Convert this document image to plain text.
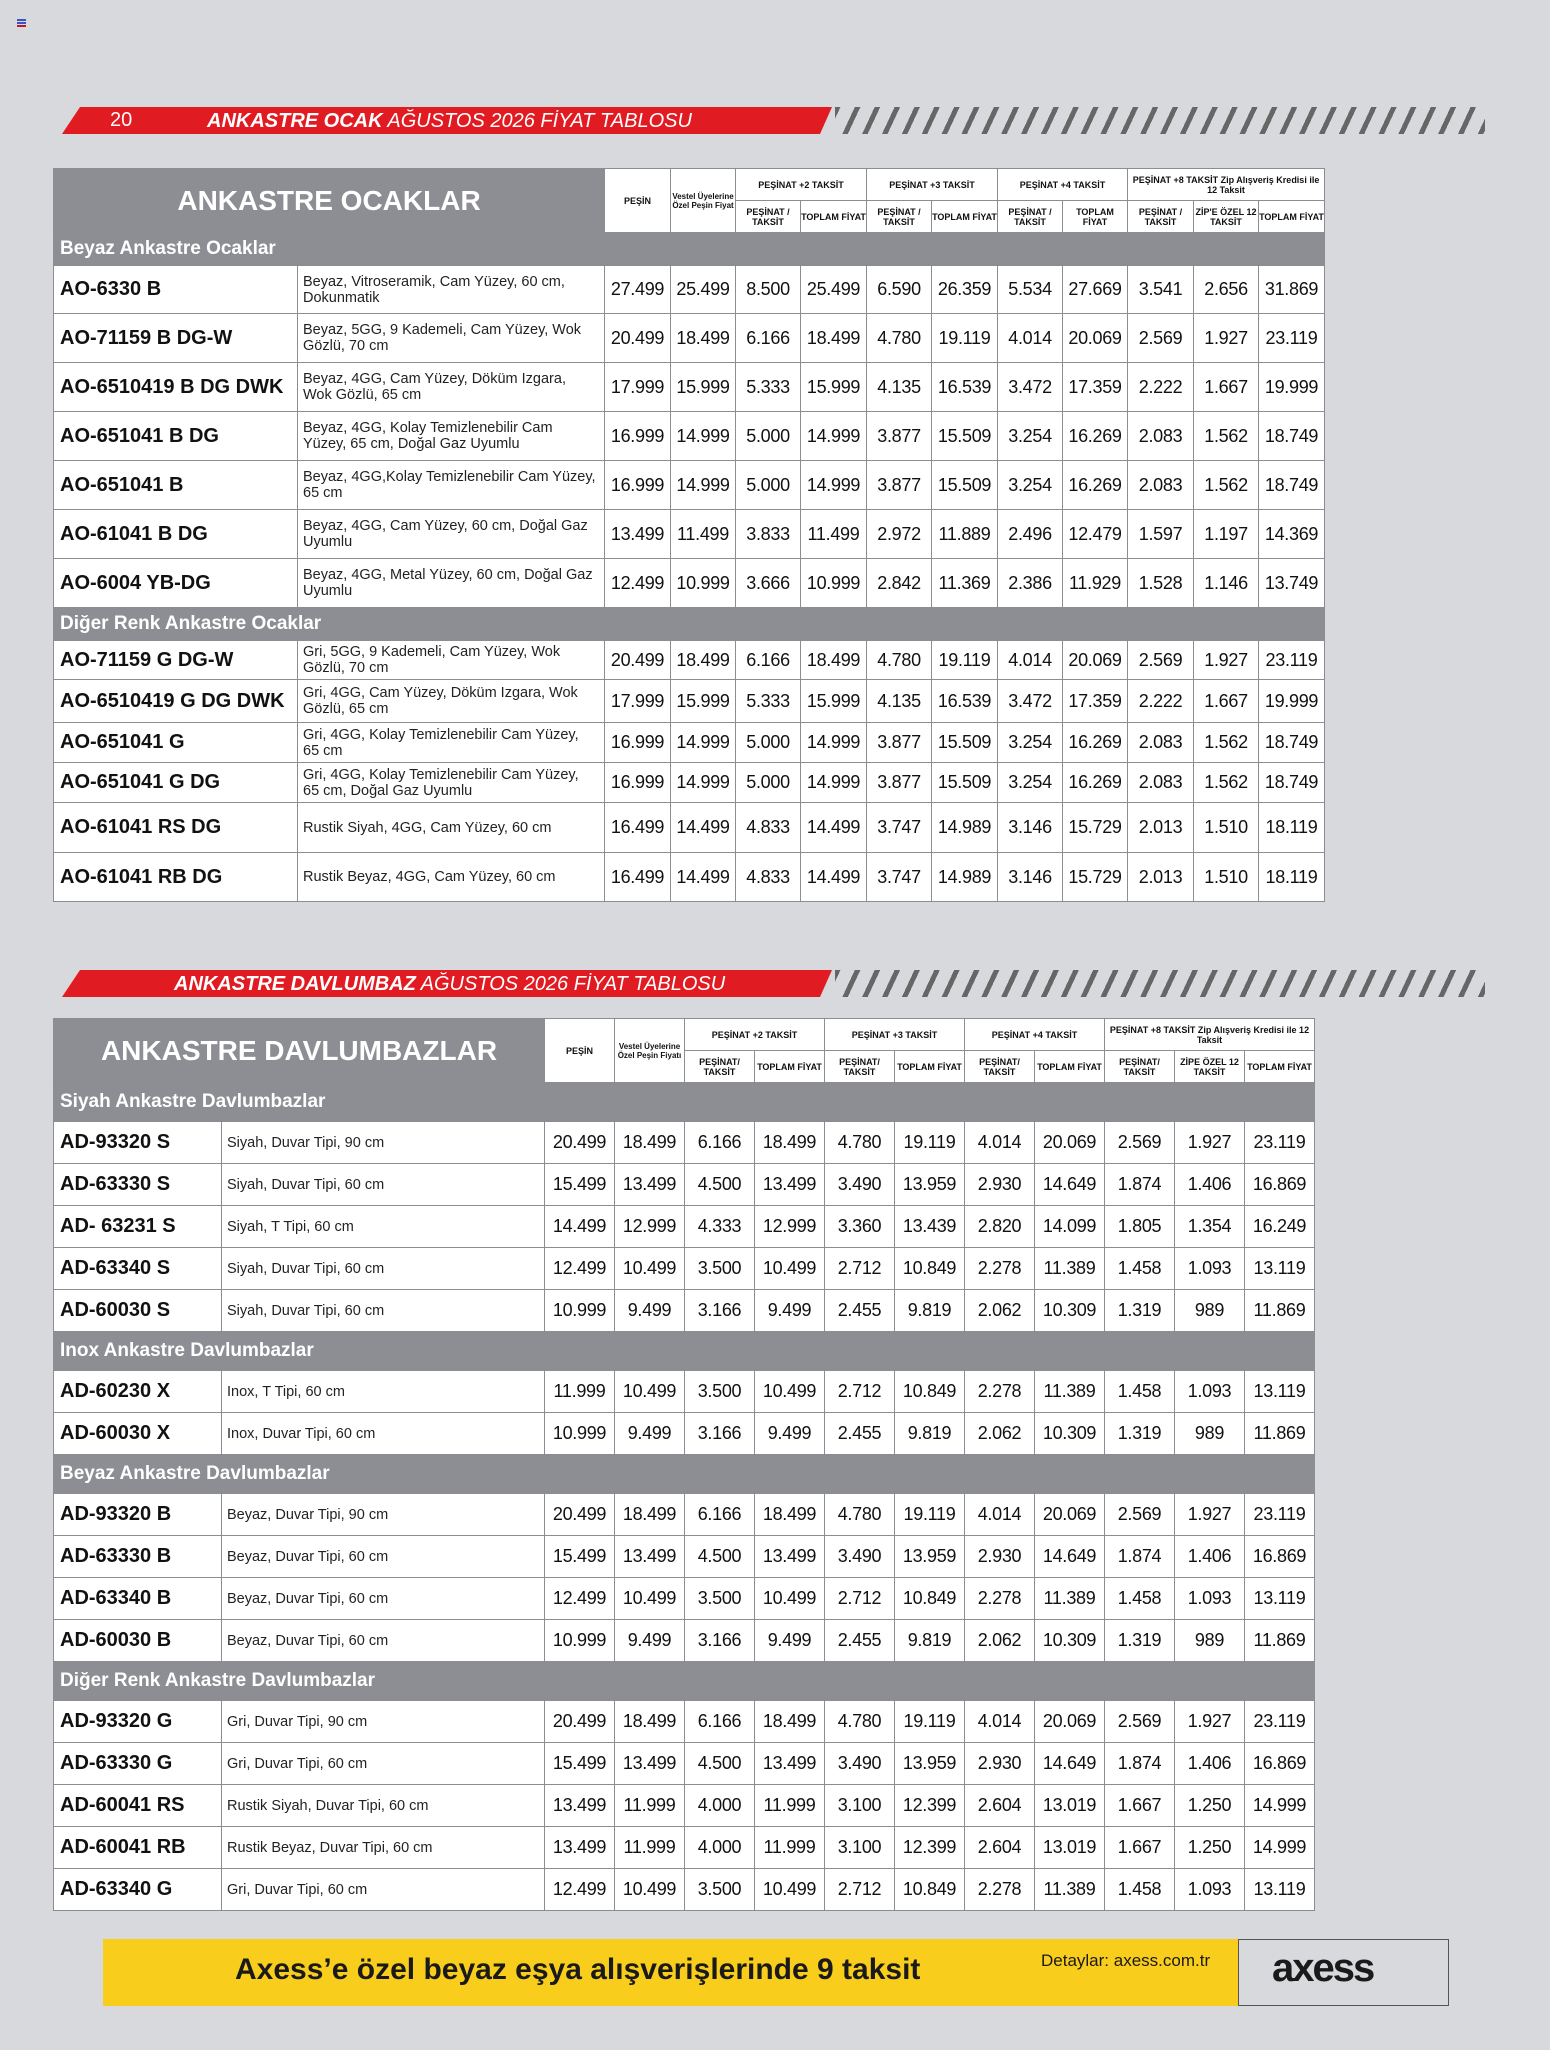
20	ANKASTRE OCAK AĞUSTOS 2026 FİYAT TABLOSU
ANKASTRE OCAKLAR		PEŞİN	Vestel Üyelerine Özel Peşin Fiyat	PEŞİNAT +2 TAKSİT		PEŞİNAT +3 TAKSİT		PEŞİNAT +4 TAKSİT		PEŞİNAT +8 TAKSİT Zip Alışveriş Kredisi ile 12 Taksit		
				PEŞİNAT / TAKSİT	TOPLAM FİYAT	PEŞİNAT / TAKSİT	TOPLAM FİYAT	PEŞİNAT / TAKSİT	TOPLAM FİYAT	PEŞİNAT / TAKSİT	ZİP'E ÖZEL 12 TAKSİT	TOPLAM FİYAT
Beyaz Ankastre Ocaklar												
AO-6330 B	Beyaz, Vitroseramik, Cam Yüzey, 60 cm, Dokunmatik	27.499	25.499	8.500	25.499	6.590	26.359	5.534	27.669	3.541	2.656	31.869
AO-71159 B DG-W	Beyaz, 5GG, 9 Kademeli, Cam Yüzey, Wok Gözlü, 70 cm	20.499	18.499	6.166	18.499	4.780	19.119	4.014	20.069	2.569	1.927	23.119
AO-6510419 B DG DWK	Beyaz, 4GG, Cam Yüzey, Döküm Izgara, Wok Gözlü, 65 cm	17.999	15.999	5.333	15.999	4.135	16.539	3.472	17.359	2.222	1.667	19.999
AO-651041 B DG	Beyaz, 4GG, Kolay Temizlenebilir Cam Yüzey, 65 cm, Doğal Gaz Uyumlu	16.999	14.999	5.000	14.999	3.877	15.509	3.254	16.269	2.083	1.562	18.749
AO-651041 B	Beyaz, 4GG,Kolay Temizlenebilir Cam Yüzey, 65 cm	16.999	14.999	5.000	14.999	3.877	15.509	3.254	16.269	2.083	1.562	18.749
AO-61041 B DG	Beyaz, 4GG, Cam Yüzey, 60 cm, Doğal Gaz Uyumlu	13.499	11.499	3.833	11.499	2.972	11.889	2.496	12.479	1.597	1.197	14.369
AO-6004 YB-DG	Beyaz, 4GG, Metal Yüzey, 60 cm, Doğal Gaz Uyumlu	12.499	10.999	3.666	10.999	2.842	11.369	2.386	11.929	1.528	1.146	13.749
Diğer Renk Ankastre Ocaklar												
AO-71159 G DG-W	Gri, 5GG, 9 Kademeli, Cam Yüzey, Wok Gözlü, 70 cm	20.499	18.499	6.166	18.499	4.780	19.119	4.014	20.069	2.569	1.927	23.119
AO-6510419 G DG DWK	Gri, 4GG, Cam Yüzey, Döküm Izgara, Wok Gözlü, 65 cm	17.999	15.999	5.333	15.999	4.135	16.539	3.472	17.359	2.222	1.667	19.999
AO-651041 G	Gri, 4GG, Kolay Temizlenebilir Cam Yüzey, 65 cm	16.999	14.999	5.000	14.999	3.877	15.509	3.254	16.269	2.083	1.562	18.749
AO-651041 G DG	Gri, 4GG, Kolay Temizlenebilir Cam Yüzey, 65 cm, Doğal Gaz Uyumlu	16.999	14.999	5.000	14.999	3.877	15.509	3.254	16.269	2.083	1.562	18.749
AO-61041 RS DG	Rustik Siyah, 4GG, Cam Yüzey, 60 cm	16.499	14.499	4.833	14.499	3.747	14.989	3.146	15.729	2.013	1.510	18.119
AO-61041 RB DG	Rustik Beyaz, 4GG, Cam Yüzey, 60 cm	16.499	14.499	4.833	14.499	3.747	14.989	3.146	15.729	2.013	1.510	18.119
ANKASTRE DAVLUMBAZ AĞUSTOS 2026 FİYAT TABLOSU
ANKASTRE DAVLUMBAZLAR		PEŞİN	Vestel Üyelerine Özel Peşin Fiyatı	PEŞİNAT +2 TAKSİT		PEŞİNAT +3 TAKSİT		PEŞİNAT +4 TAKSİT		PEŞİNAT +8 TAKSİT Zip Alışveriş Kredisi ile 12 Taksit		
				PEŞİNAT/ TAKSİT	TOPLAM FİYAT	PEŞİNAT/ TAKSİT	TOPLAM FİYAT	PEŞİNAT/ TAKSİT	TOPLAM FİYAT	PEŞİNAT/ TAKSİT	ZİPE ÖZEL 12 TAKSİT	TOPLAM FİYAT
Siyah Ankastre Davlumbazlar												
AD-93320 S	Siyah, Duvar Tipi, 90 cm	20.499	18.499	6.166	18.499	4.780	19.119	4.014	20.069	2.569	1.927	23.119
AD-63330 S	Siyah, Duvar Tipi, 60 cm	15.499	13.499	4.500	13.499	3.490	13.959	2.930	14.649	1.874	1.406	16.869
AD- 63231 S	Siyah, T Tipi, 60 cm	14.499	12.999	4.333	12.999	3.360	13.439	2.820	14.099	1.805	1.354	16.249
AD-63340 S	Siyah, Duvar Tipi, 60 cm	12.499	10.499	3.500	10.499	2.712	10.849	2.278	11.389	1.458	1.093	13.119
AD-60030 S	Siyah, Duvar Tipi, 60 cm	10.999	9.499	3.166	9.499	2.455	9.819	2.062	10.309	1.319	989	11.869
Inox Ankastre Davlumbazlar												
AD-60230 X	Inox, T Tipi, 60 cm	11.999	10.499	3.500	10.499	2.712	10.849	2.278	11.389	1.458	1.093	13.119
AD-60030 X	Inox, Duvar Tipi, 60 cm	10.999	9.499	3.166	9.499	2.455	9.819	2.062	10.309	1.319	989	11.869
Beyaz Ankastre Davlumbazlar												
AD-93320 B	Beyaz, Duvar Tipi, 90 cm	20.499	18.499	6.166	18.499	4.780	19.119	4.014	20.069	2.569	1.927	23.119
AD-63330 B	Beyaz, Duvar Tipi, 60 cm	15.499	13.499	4.500	13.499	3.490	13.959	2.930	14.649	1.874	1.406	16.869
AD-63340 B	Beyaz, Duvar Tipi, 60 cm	12.499	10.499	3.500	10.499	2.712	10.849	2.278	11.389	1.458	1.093	13.119
AD-60030 B	Beyaz, Duvar Tipi, 60 cm	10.999	9.499	3.166	9.499	2.455	9.819	2.062	10.309	1.319	989	11.869
Diğer Renk Ankastre Davlumbazlar												
AD-93320 G	Gri, Duvar Tipi, 90 cm	20.499	18.499	6.166	18.499	4.780	19.119	4.014	20.069	2.569	1.927	23.119
AD-63330 G	Gri, Duvar Tipi, 60 cm	15.499	13.499	4.500	13.499	3.490	13.959	2.930	14.649	1.874	1.406	16.869
AD-60041 RS	Rustik Siyah, Duvar Tipi, 60 cm	13.499	11.999	4.000	11.999	3.100	12.399	2.604	13.019	1.667	1.250	14.999
AD-60041 RB	Rustik Beyaz, Duvar Tipi, 60 cm	13.499	11.999	4.000	11.999	3.100	12.399	2.604	13.019	1.667	1.250	14.999
AD-63340 G	Gri, Duvar Tipi, 60 cm	12.499	10.499	3.500	10.499	2.712	10.849	2.278	11.389	1.458	1.093	13.119
Axess’e özel beyaz eşya alışverişlerinde 9 taksit	Detaylar: axess.com.tr axess
